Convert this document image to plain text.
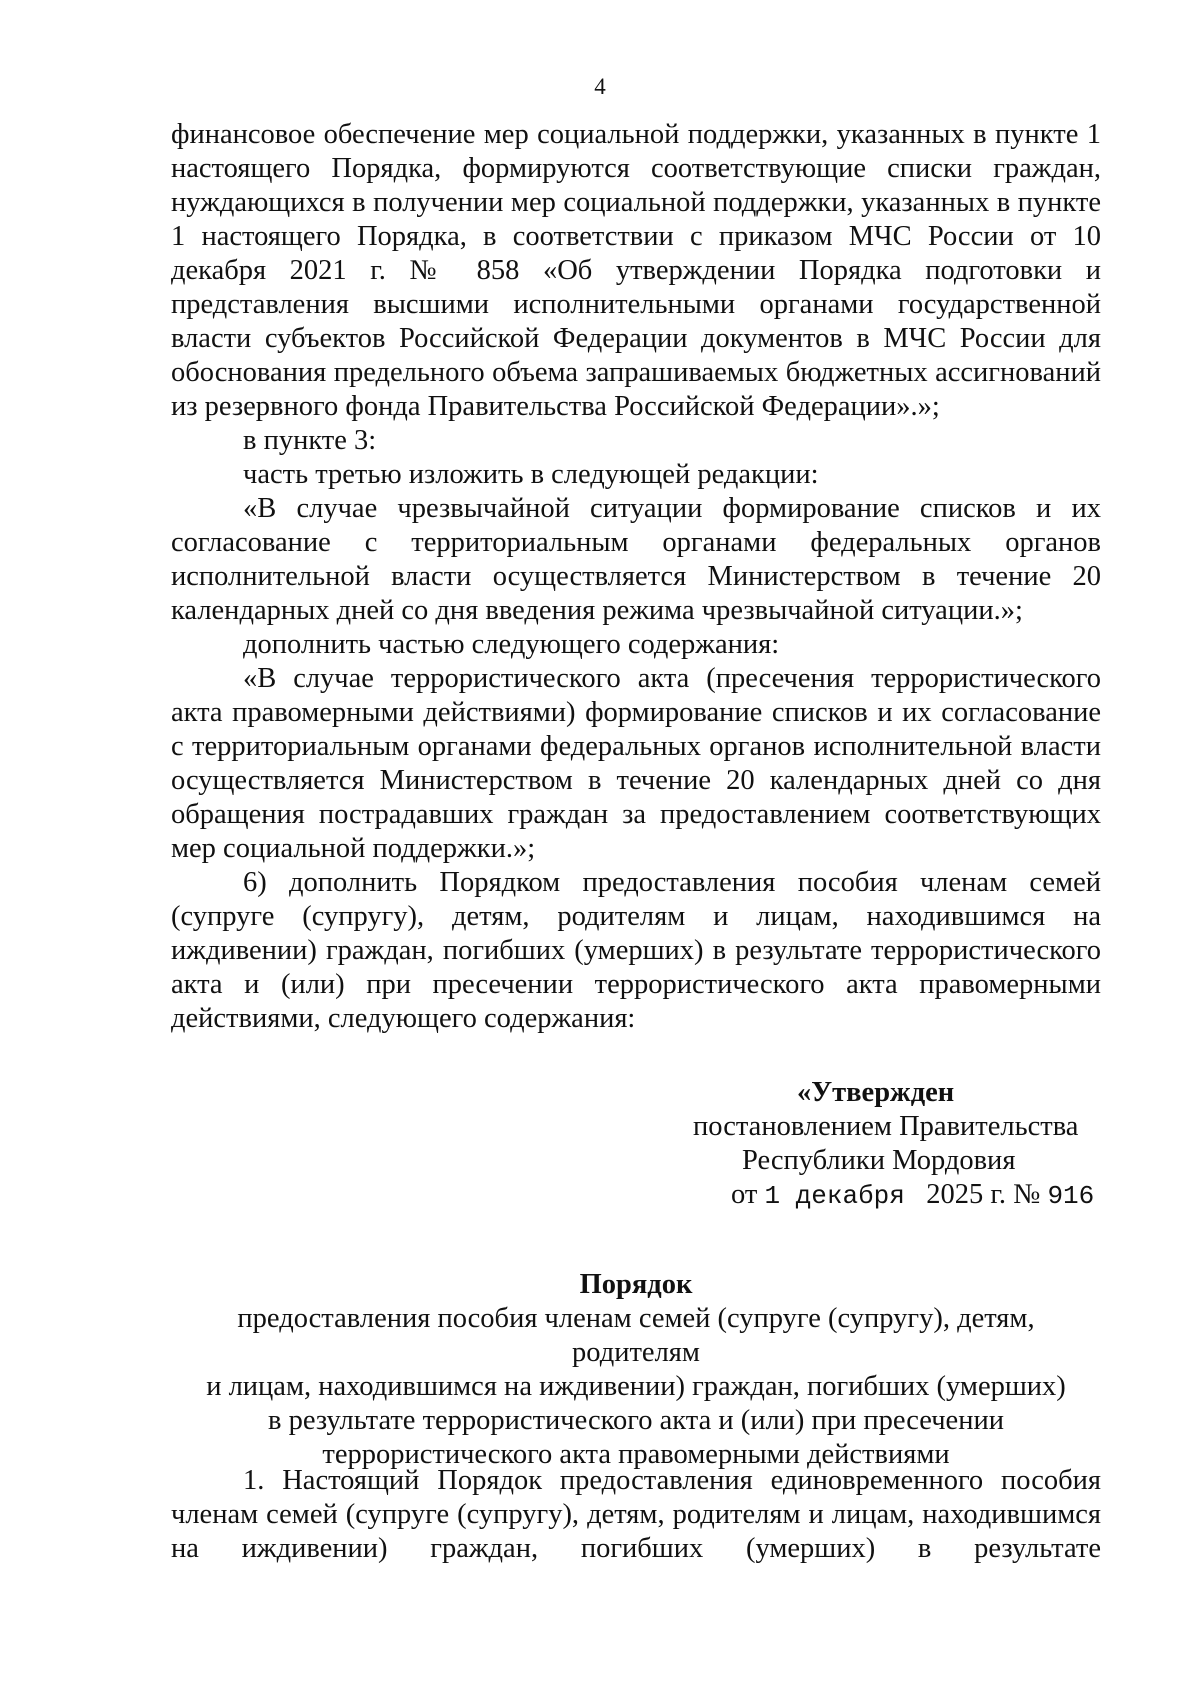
4

финансовое обеспечение мер социальной поддержки, указанных в пункте 1 настоящего Порядка, формируются соответствующие списки граждан, нуждающихся в получении мер социальной поддержки, указанных в пункте 1 настоящего Порядка, в соответствии с приказом МЧС России от 10 декабря 2021 г. № 858 «Об утверждении Порядка подготовки и представления высшими исполнительными органами государственной власти субъектов Российской Федерации документов в МЧС России для обоснования предельного объема запрашиваемых бюджетных ассигнований из резервного фонда Правительства Российской Федерации».»;

в пункте 3:

часть третью изложить в следующей редакции:

«В случае чрезвычайной ситуации формирование списков и их согласование с территориальным органами федеральных органов исполнительной власти осуществляется Министерством в течение 20 календарных дней со дня введения режима чрезвычайной ситуации.»;

дополнить частью следующего содержания:

«В случае террористического акта (пресечения террористического акта правомерными действиями) формирование списков и их согласование с территориальным органами федеральных органов исполнительной власти осуществляется Министерством в течение 20 календарных дней со дня обращения пострадавших граждан за предоставлением соответствующих мер социальной поддержки.»;

6) дополнить Порядком предоставления пособия членам семей (супруге (супругу), детям, родителям и лицам, находившимся на иждивении) граждан, погибших (умерших) в результате террористического акта и (или) при пресечении террористического акта правомерными действиями, следующего содержания:

«Утвержден
постановлением Правительства
Республики Мордовия
от 1 декабря 2025 г. № 916
Порядок
предоставления пособия членам семей (супруге (супругу), детям, родителям
и лицам, находившимся на иждивении) граждан, погибших (умерших)
в результате террористического акта и (или) при пресечении
террористического акта правомерными действиями

1. Настоящий Порядок предоставления единовременного пособия членам семей (супруге (супругу), детям, родителям и лицам, находившимся на иждивении) граждан, погибших (умерших) в результате
